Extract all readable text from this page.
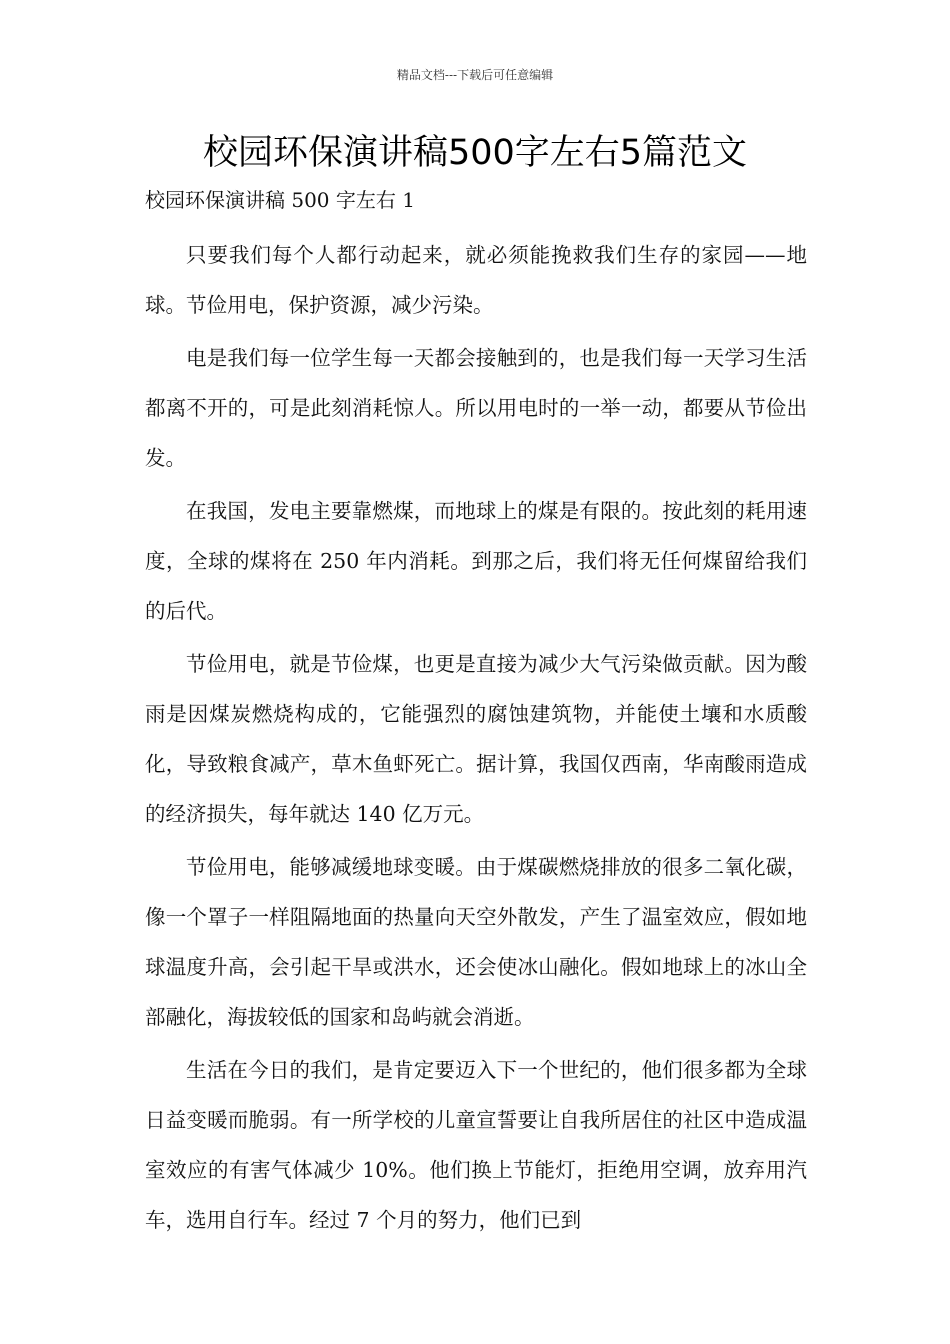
精品文档---下载后可任意编辑
校园环保演讲稿500字左右5篇范文
校园环保演讲稿 500 字左右 1

只要我们每个人都行动起来，就必须能挽救我们生存的家园——地球。节俭用电，保护资源，减少污染。

电是我们每一位学生每一天都会接触到的，也是我们每一天学习生活都离不开的，可是此刻消耗惊人。所以用电时的一举一动，都要从节俭出发。

在我国，发电主要靠燃煤，而地球上的煤是有限的。按此刻的耗用速度，全球的煤将在 250 年内消耗。到那之后，我们将无任何煤留给我们的后代。

节俭用电，就是节俭煤，也更是直接为减少大气污染做贡献。因为酸雨是因煤炭燃烧构成的，它能强烈的腐蚀建筑物，并能使土壤和水质酸化，导致粮食减产，草木鱼虾死亡。据计算，我国仅西南，华南酸雨造成的经济损失，每年就达 140 亿万元。

节俭用电，能够减缓地球变暖。由于煤碳燃烧排放的很多二氧化碳，像一个罩子一样阻隔地面的热量向天空外散发，产生了温室效应，假如地球温度升高，会引起干旱或洪水，还会使冰山融化。假如地球上的冰山全部融化，海拔较低的国家和岛屿就会消逝。

生活在今日的我们，是肯定要迈入下一个世纪的，他们很多都为全球日益变暖而脆弱。有一所学校的儿童宣誓要让自我所居住的社区中造成温室效应的有害气体减少 10%。他们换上节能灯，拒绝用空调，放弃用汽车，选用自行车。经过 7 个月的努力，他们已到
